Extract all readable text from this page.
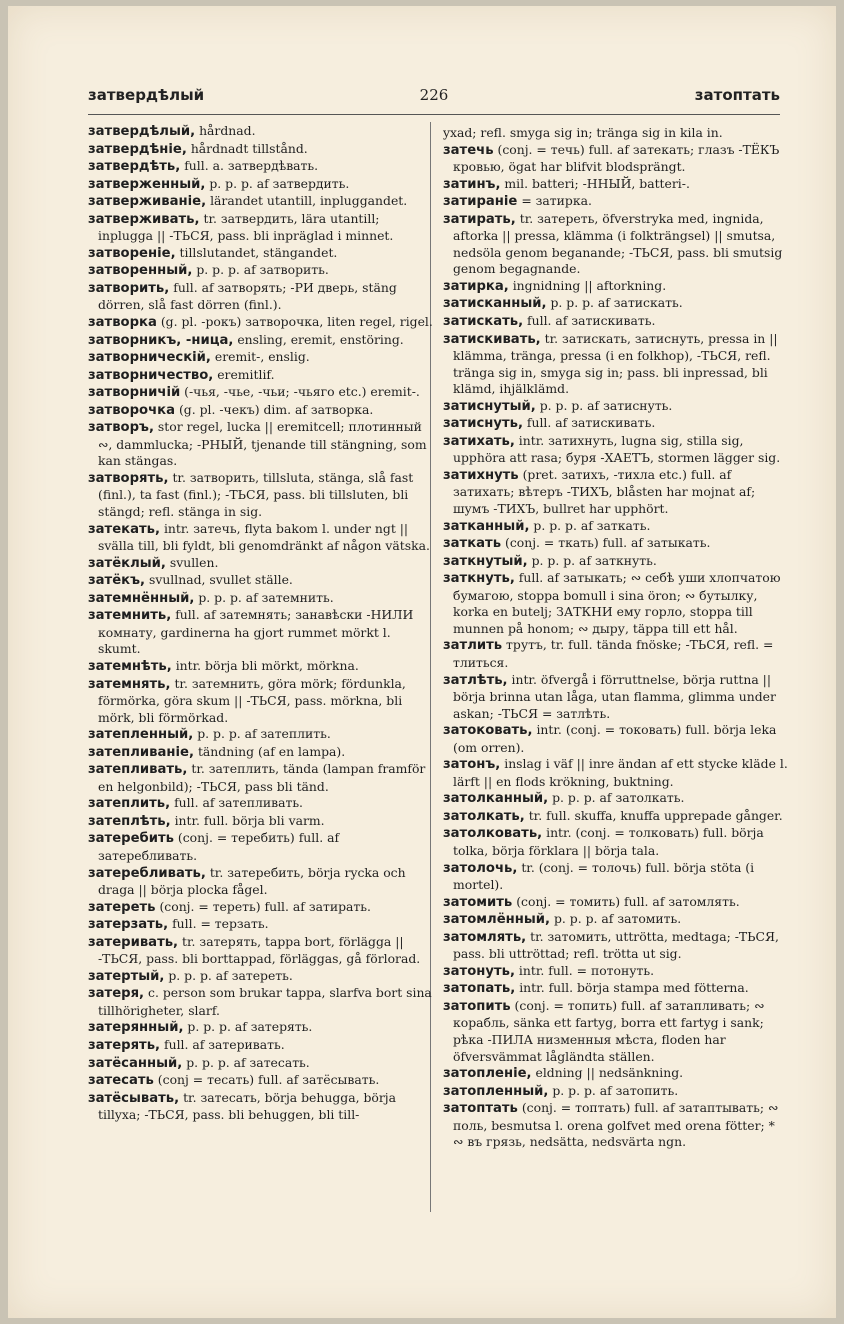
затвердѣлый	226	затоптать
затвердѣлый, hårdnad.
затвердѣніе, hårdnadt tillstånd.
затвердѣть, full. a. затвердѣвать.
затверженный, p. p. p. af затвердить.
затверживаніе, lärandet utantill, inpluggandet.
затверживать, tr. затвердить, lära utantill; inplugga || -ТЬСЯ, pass. bli inpräglad i minnet.
затвореніе, tillslutandet, stängandet.
затворенный, p. p. p. af затворить.
затворить, full. af затворять; -РИ дверь, stäng dörren, slå fast dörren (finl.).
затворка (g. pl. -рокъ) затворочка, liten regel, rigel.
затворникъ, -ница, ensling, eremit, enstöring.
затворническій, eremit-, enslig.
затворничество, eremitlif.
затворничій (-чья, -чье, -чьи; -чьяго etc.) eremit-.
затворочка (g. pl. -чекъ) dim. af затворка.
затворъ, stor regel, lucka || eremitcell; плотинный ∾, dammlucka; -РНЫЙ, tjenande till stängning, som kan stängas.
затворять, tr. затворить, tillsluta, stänga, slå fast (finl.), ta fast (finl.); -ТЬСЯ, pass. bli tillsluten, bli stängd; refl. stänga in sig.
затекать, intr. затечь, flyta bakom l. under ngt || svälla till, bli fyldt, bli genomdränkt af någon vätska.
затёклый, svullen.
затёкъ, svullnad, svullet ställe.
затемнённый, p. p. p. af затемнить.
затемнить, full. af затемнять; занавѣски -НИЛИ комнату, gardinerna ha gjort rummet mörkt l. skumt.
затемнѣть, intr. börja bli mörkt, mörkna.
затемнять, tr. затемнить, göra mörk; fördunkla, förmörka, göra skum || -ТЬСЯ, pass. mörkna, bli mörk, bli förmörkad.
затепленный, p. p. p. af затеплить.
затепливаніе, tändning (af en lampa).
затепливать, tr. затеплить, tända (lampan framför en helgonbild); -ТЬСЯ, pass bli tänd.
затеплить, full. af затепливать.
затеплѣть, intr. full. börja bli varm.
затеребить (conj. = теребить) full. af затеребливать.
затеребливать, tr. затеребить, börja rycka och draga || börja plocka fågel.
затереть (conj. = тереть) full. af затирать.
затерзать, full. = терзать.
затеривать, tr. затерять, tappa bort, förlägga || -ТЬСЯ, pass. bli borttappad, förläggas, gå förlorad.
затертый, p. p. p. af затереть.
затеря, c. person som brukar tappa, slarfva bort sina tillhörigheter, slarf.
затерянный, p. p. p. af затерять.
затерять, full. af затеривать.
затёсанный, p. p. p. af затесать.
затесать (conj = тесать) full. af затёсывать.
затёсывать, tr. затесать, börja behugga, börja tillyxa; -ТЬСЯ, pass. bli behuggen, bli till-
yxad; refl. smyga sig in; tränga sig in kila in.
затечь (conj. = течь) full. af затекать; глазъ -ТЁКЪ кровью, ögat har blifvit blodsprängt.
затинъ, mil. batteri; -ННЫЙ, batteri-.
затираніе = затирка.
затирать, tr. затереть, öfverstryka med, ingnida, aftorka || pressa, klämma (i folkträngsel) || smutsa, nedsöla genom beganande; -ТЬСЯ, pass. bli smutsig genom begagnande.
затирка, ingnidning || aftorkning.
затисканный, p. p. p. af затискать.
затискать, full. af затискивать.
затискивать, tr. затискать, затиснуть, pressa in || klämma, tränga, pressa (i en folkhop), -ТЬСЯ, refl. tränga sig in, smyga sig in; pass. bli inpressad, bli klämd, ihjälklämd.
затиснутый, p. p. p. af затиснуть.
затиснуть, full. af затискивать.
затихать, intr. затихнуть, lugna sig, stilla sig, upphöra att rasa; буря -ХАЕТЪ, stormen lägger sig.
затихнуть (pret. затихъ, -тихла etc.) full. af затихать; вѣтеръ -ТИХЪ, blåsten har mojnat af; шумъ -ТИХЪ, bullret har upphört.
затканный, p. p. p. af заткать.
заткать (conj. = ткать) full. af затыкать.
заткнутый, p. p. p. af заткнуть.
заткнуть, full. af затыкать; ∾ себѣ уши хлопчатою бумагою, stoppa bomull i sina öron; ∾ бутылку, korka en butelj; ЗАТКНИ ему горло, stoppa till munnen på honom; ∾ дыру, täppa till ett hål.
затлить трутъ, tr. full. tända fnöske; -ТЬСЯ, refl. = тлиться.
затлѣть, intr. öfvergå i förruttnelse, börja ruttna || börja brinna utan låga, utan flamma, glimma under askan; -ТЬСЯ = затлѣть.
затоковать, intr. (conj. = токовать) full. börja leka (om orren).
затонъ, inslag i väf || inre ändan af ett stycke kläde l. lärft || en flods krökning, buktning.
затолканный, p. p. p. af затолкать.
затолкать, tr. full. skuffa, knuffa upprepade gånger.
затолковать, intr. (conj. = толковать) full. börja tolka, börja förklara || börja tala.
затолочь, tr. (conj. = толочь) full. börja stöta (i mortel).
затомить (conj. = томить) full. af затомлять.
затомлённый, p. p. p. af затомить.
затомлять, tr. затомить, uttrötta, medtaga; -ТЬСЯ, pass. bli uttröttad; refl. trötta ut sig.
затонуть, intr. full. = потонуть.
затопать, intr. full. börja stampa med fötterna.
затопить (conj. = топить) full. af затапливать; ∾ корабль, sänka ett fartyg, borra ett fartyg i sank; рѣка -ПИЛА низменныя мѣста, floden har öfversvämmat lågländta ställen.
затопленіе, eldning || nedsänkning.
затопленный, p. p. p. af затопить.
затоптать (conj. = топтать) full. af затаптывать; ∾ поль, besmutsa l. orena golfvet med orena fötter; * ∾ въ грязь, nedsätta, nedsvärta ngn.
